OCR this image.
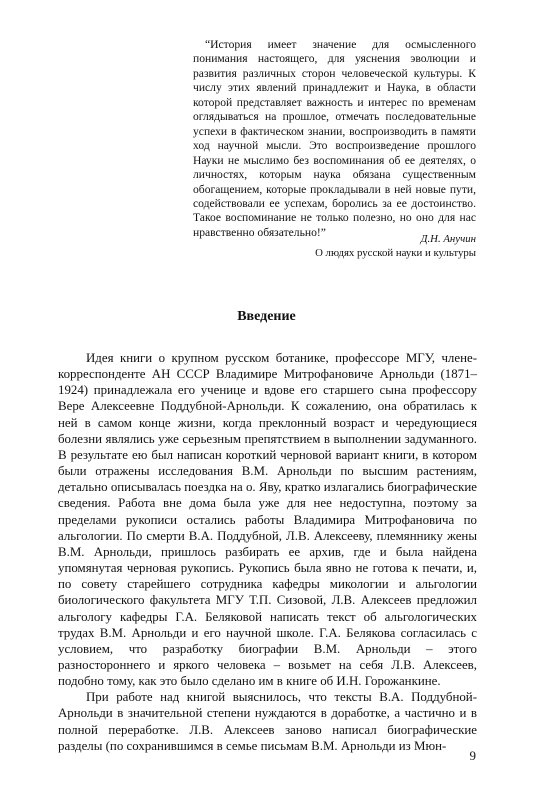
“История имеет значение для осмысленного понимания настоящего, для уяснения эволюции и развития различных сторон человеческой культуры. К числу этих явлений принадлежит и Наука, в области которой представляет важность и интерес по временам оглядываться на прошлое, отмечать последовательные успехи в фактическом знании, воспроизводить в памяти ход научной мысли. Это воспроизведение прошлого Науки не мыслимо без воспоминания об ее деятелях, о личностях, которым наука обязана существенным обогащением, которые прокладывали в ней новые пути, содействовали ее успехам, боролись за ее достоинство. Такое воспоминание не только полезно, но оно для нас нравственно обязательно!”

Д.Н. Анучин
О людях русской науки и культуры
Введение

Идея книги о крупном русском ботанике, профессоре МГУ, члене-корреспонденте АН СССР Владимире Митрофановиче Арнольди (1871–1924) принадлежала его ученице и вдове его старшего сына профессору Вере Алексеевне Поддубной-Арнольди. К сожалению, она обратилась к ней в самом конце жизни, когда преклонный возраст и чередующиеся болезни являлись уже серьезным препятствием в выполнении задуманного. В результате ею был написан короткий черновой вариант книги, в котором были отражены исследования В.М. Арнольди по высшим растениям, детально описывалась поездка на о. Яву, кратко излагались биографические сведения. Работа вне дома была уже для нее недоступна, поэтому за пределами рукописи остались работы Владимира Митрофановича по альгологии. По смерти В.А. Поддубной, Л.В. Алексееву, племяннику жены В.М. Арнольди, пришлось разбирать ее архив, где и была найдена упомянутая черновая рукопись. Рукопись была явно не готова к печати, и, по совету старейшего сотрудника кафедры микологии и альгологии биологического факультета МГУ Т.П. Сизовой, Л.В. Алексеев предложил альгологу кафедры Г.А. Беляковой написать текст об альгологических трудах В.М. Арнольди и его научной школе. Г.А. Белякова согласилась с условием, что разработку биографии В.М. Арнольди – этого разностороннего и яркого человека – возьмет на себя Л.В. Алексеев, подобно тому, как это было сделано им в книге об И.Н. Горожанкине.

При работе над книгой выяснилось, что тексты В.А. Поддубной-Арнольди в значительной степени нуждаются в доработке, а частично и в полной переработке. Л.В. Алексеев заново написал биографические разделы (по сохранившимся в семье письмам В.М. Арнольди из Мюн-

9
